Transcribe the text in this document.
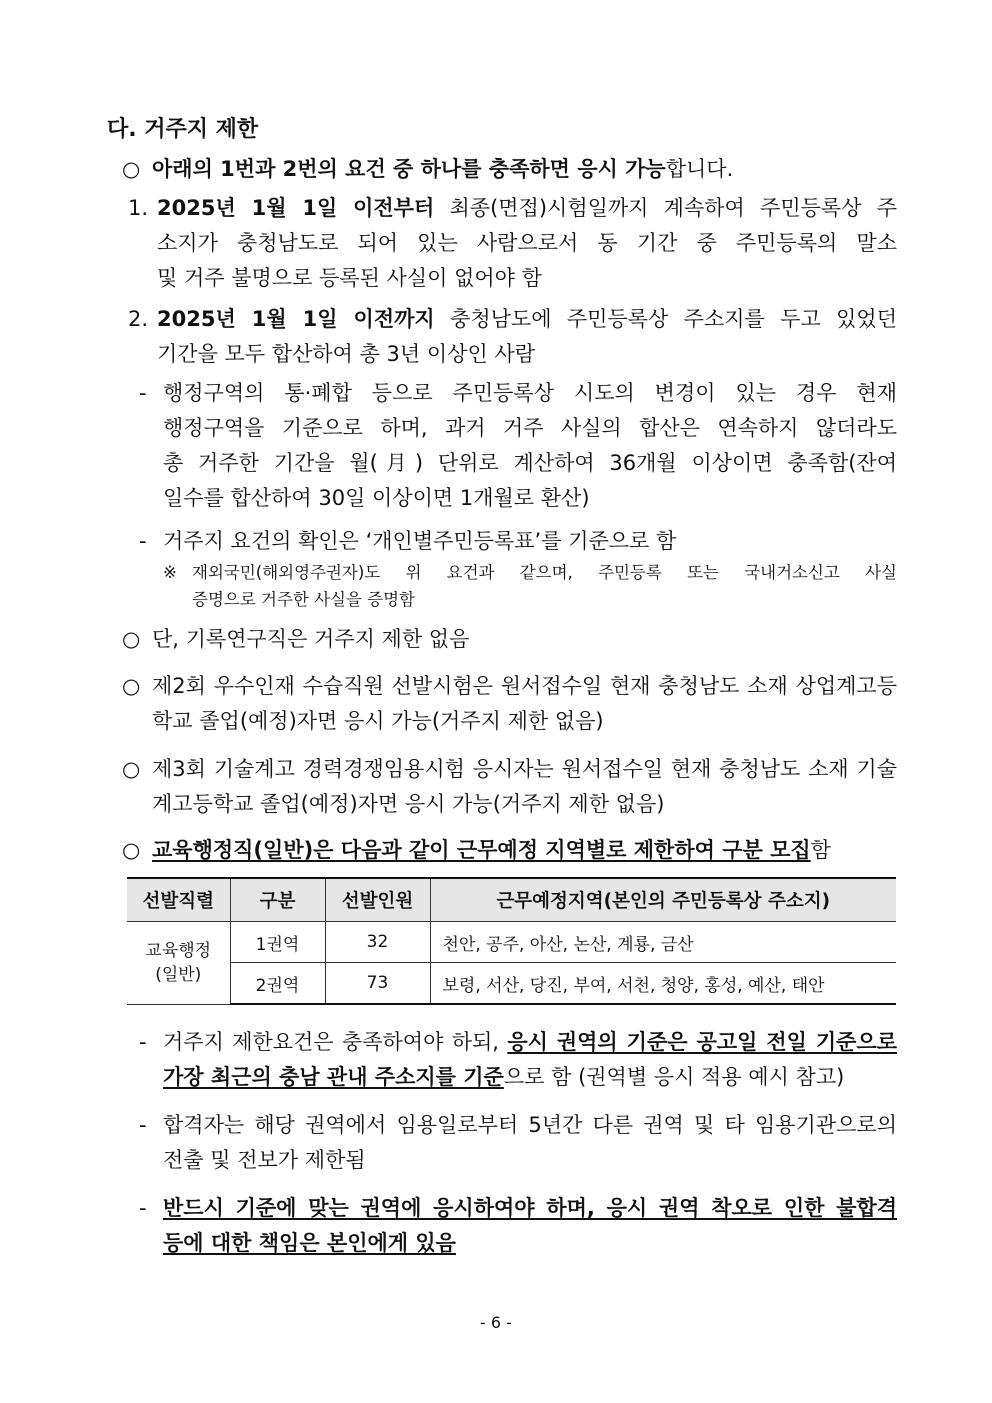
다. 거주지 제한
○ 아래의 1번과 2번의 요건 중 하나를 충족하면 응시 가능합니다.
1. 2025년 1월 1일 이전부터 최종(면접)시험일까지 계속하여 주민등록상 주
소지가 충청남도로 되어 있는 사람으로서 동 기간 중 주민등록의 말소
및 거주 불명으로 등록된 사실이 없어야 함
2. 2025년 1월 1일 이전까지 충청남도에 주민등록상 주소지를 두고 있었던
기간을 모두 합산하여 총 3년 이상인 사람
- 행정구역의 통·폐합 등으로 주민등록상 시도의 변경이 있는 경우 현재
행정구역을 기준으로 하며, 과거 거주 사실의 합산은 연속하지 않더라도
총 거주한 기간을 월(月) 단위로 계산하여 36개월 이상이면 충족함(잔여
일수를 합산하여 30일 이상이면 1개월로 환산)
- 거주지 요건의 확인은 ‘개인별주민등록표’를 기준으로 함
※ 재외국민(해외영주권자)도 위 요건과 같으며, 주민등록 또는 국내거소신고 사실
증명으로 거주한 사실을 증명함
○ 단, 기록연구직은 거주지 제한 없음
○ 제2회 우수인재 수습직원 선발시험은 원서접수일 현재 충청남도 소재 상업계고등
학교 졸업(예정)자면 응시 가능(거주지 제한 없음)
○ 제3회 기술계고 경력경쟁임용시험 응시자는 원서접수일 현재 충청남도 소재 기술
계고등학교 졸업(예정)자면 응시 가능(거주지 제한 없음)
○ 교육행정직(일반)은 다음과 같이 근무예정 지역별로 제한하여 구분 모집함
선발직렬	구분	선발인원	근무예정지역(본인의 주민등록상 주소지)

교육행정
(일반)	1권역	32	천안, 공주, 아산, 논산, 계룡, 금산
	2권역	73	보령, 서산, 당진, 부여, 서천, 청양, 홍성, 예산, 태안
- 거주지 제한요건은 충족하여야 하되, 응시 권역의 기준은 공고일 전일 기준으로
가장 최근의 충남 관내 주소지를 기준으로 함 (권역별 응시 적용 예시 참고)
- 합격자는 해당 권역에서 임용일로부터 5년간 다른 권역 및 타 임용기관으로의
전출 및 전보가 제한됨
- 반드시 기준에 맞는 권역에 응시하여야 하며, 응시 권역 착오로 인한 불합격
등에 대한 책임은 본인에게 있음
- 6 -
